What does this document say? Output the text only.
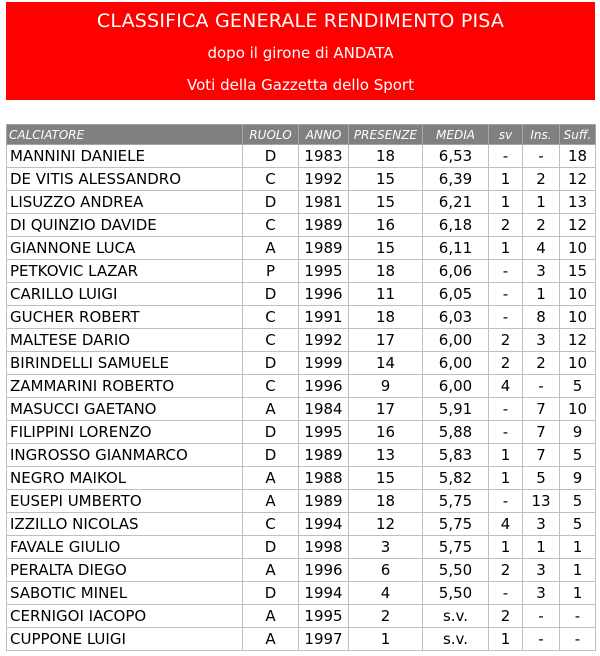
CLASSIFICA GENERALE RENDIMENTO PISA
dopo il girone di ANDATA
Voti della Gazzetta dello Sport
CALCIATORE	RUOLO	ANNO	PRESENZE	MEDIA	sv	Ins.	Suff.
MANNINI DANIELE	D	1983	18	6,53	-	-	18
DE VITIS ALESSANDRO	C	1992	15	6,39	1	2	12
LISUZZO ANDREA	D	1981	15	6,21	1	1	13
DI QUINZIO DAVIDE	C	1989	16	6,18	2	2	12
GIANNONE LUCA	A	1989	15	6,11	1	4	10
PETKOVIC LAZAR	P	1995	18	6,06	-	3	15
CARILLO LUIGI	D	1996	11	6,05	-	1	10
GUCHER ROBERT	C	1991	18	6,03	-	8	10
MALTESE DARIO	C	1992	17	6,00	2	3	12
BIRINDELLI SAMUELE	D	1999	14	6,00	2	2	10
ZAMMARINI ROBERTO	C	1996	9	6,00	4	-	5
MASUCCI GAETANO	A	1984	17	5,91	-	7	10
FILIPPINI LORENZO	D	1995	16	5,88	-	7	9
INGROSSO GIANMARCO	D	1989	13	5,83	1	7	5
NEGRO MAIKOL	A	1988	15	5,82	1	5	9
EUSEPI UMBERTO	A	1989	18	5,75	-	13	5
IZZILLO NICOLAS	C	1994	12	5,75	4	3	5
FAVALE GIULIO	D	1998	3	5,75	1	1	1
PERALTA DIEGO	A	1996	6	5,50	2	3	1
SABOTIC MINEL	D	1994	4	5,50	-	3	1
CERNIGOI IACOPO	A	1995	2	s.v.	2	-	-
CUPPONE LUIGI	A	1997	1	s.v.	1	-	-
